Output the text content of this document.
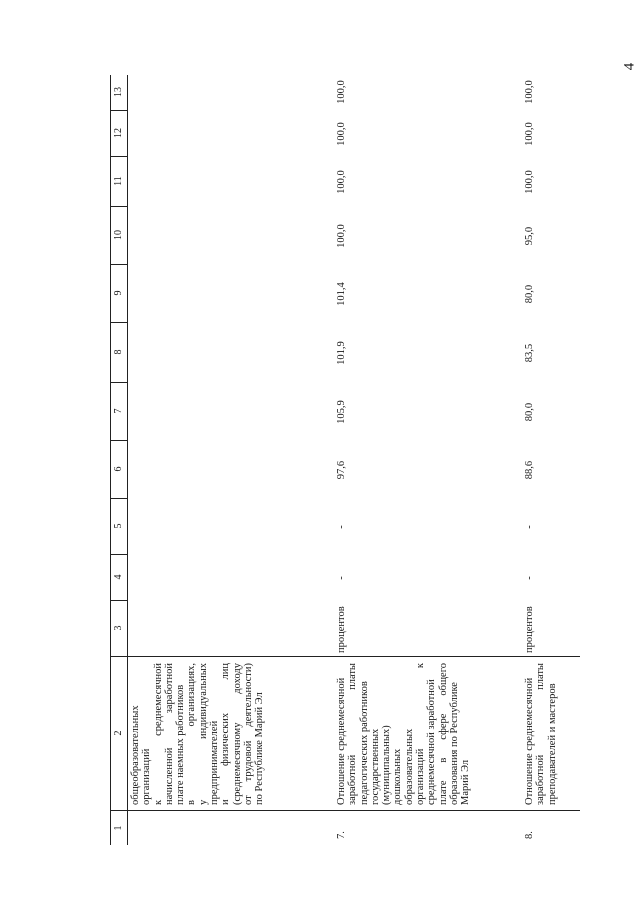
4
1
2
3
4
5
6
7
8
9
10
11
12
13
общеобразовательных организаций к
среднемесячной
начисленной
заработной плате наемных работников в
организациях,
у
индивидуальных
предпринимателей и
физических
лиц
(среднемесячному
доходу
от
трудовой
деятельности) по Республике Марий Эл
7.
Отношение среднемесячной заработной
платы
педагогических работников государственных (муниципальных) дошкольных образовательных организаций
к
среднемесячной заработной плате
в
сфере
общего
образования по Республике Марий Эл
процентов
-
-
97,6
105,9
101,9
101,4
100,0
100,0
100,0
100,0
8.
Отношение среднемесячной заработной
платы
преподавателей и мастеров
процентов
-
-
88,6
80,0
83,5
80,0
95,0
100,0
100,0
100,0
